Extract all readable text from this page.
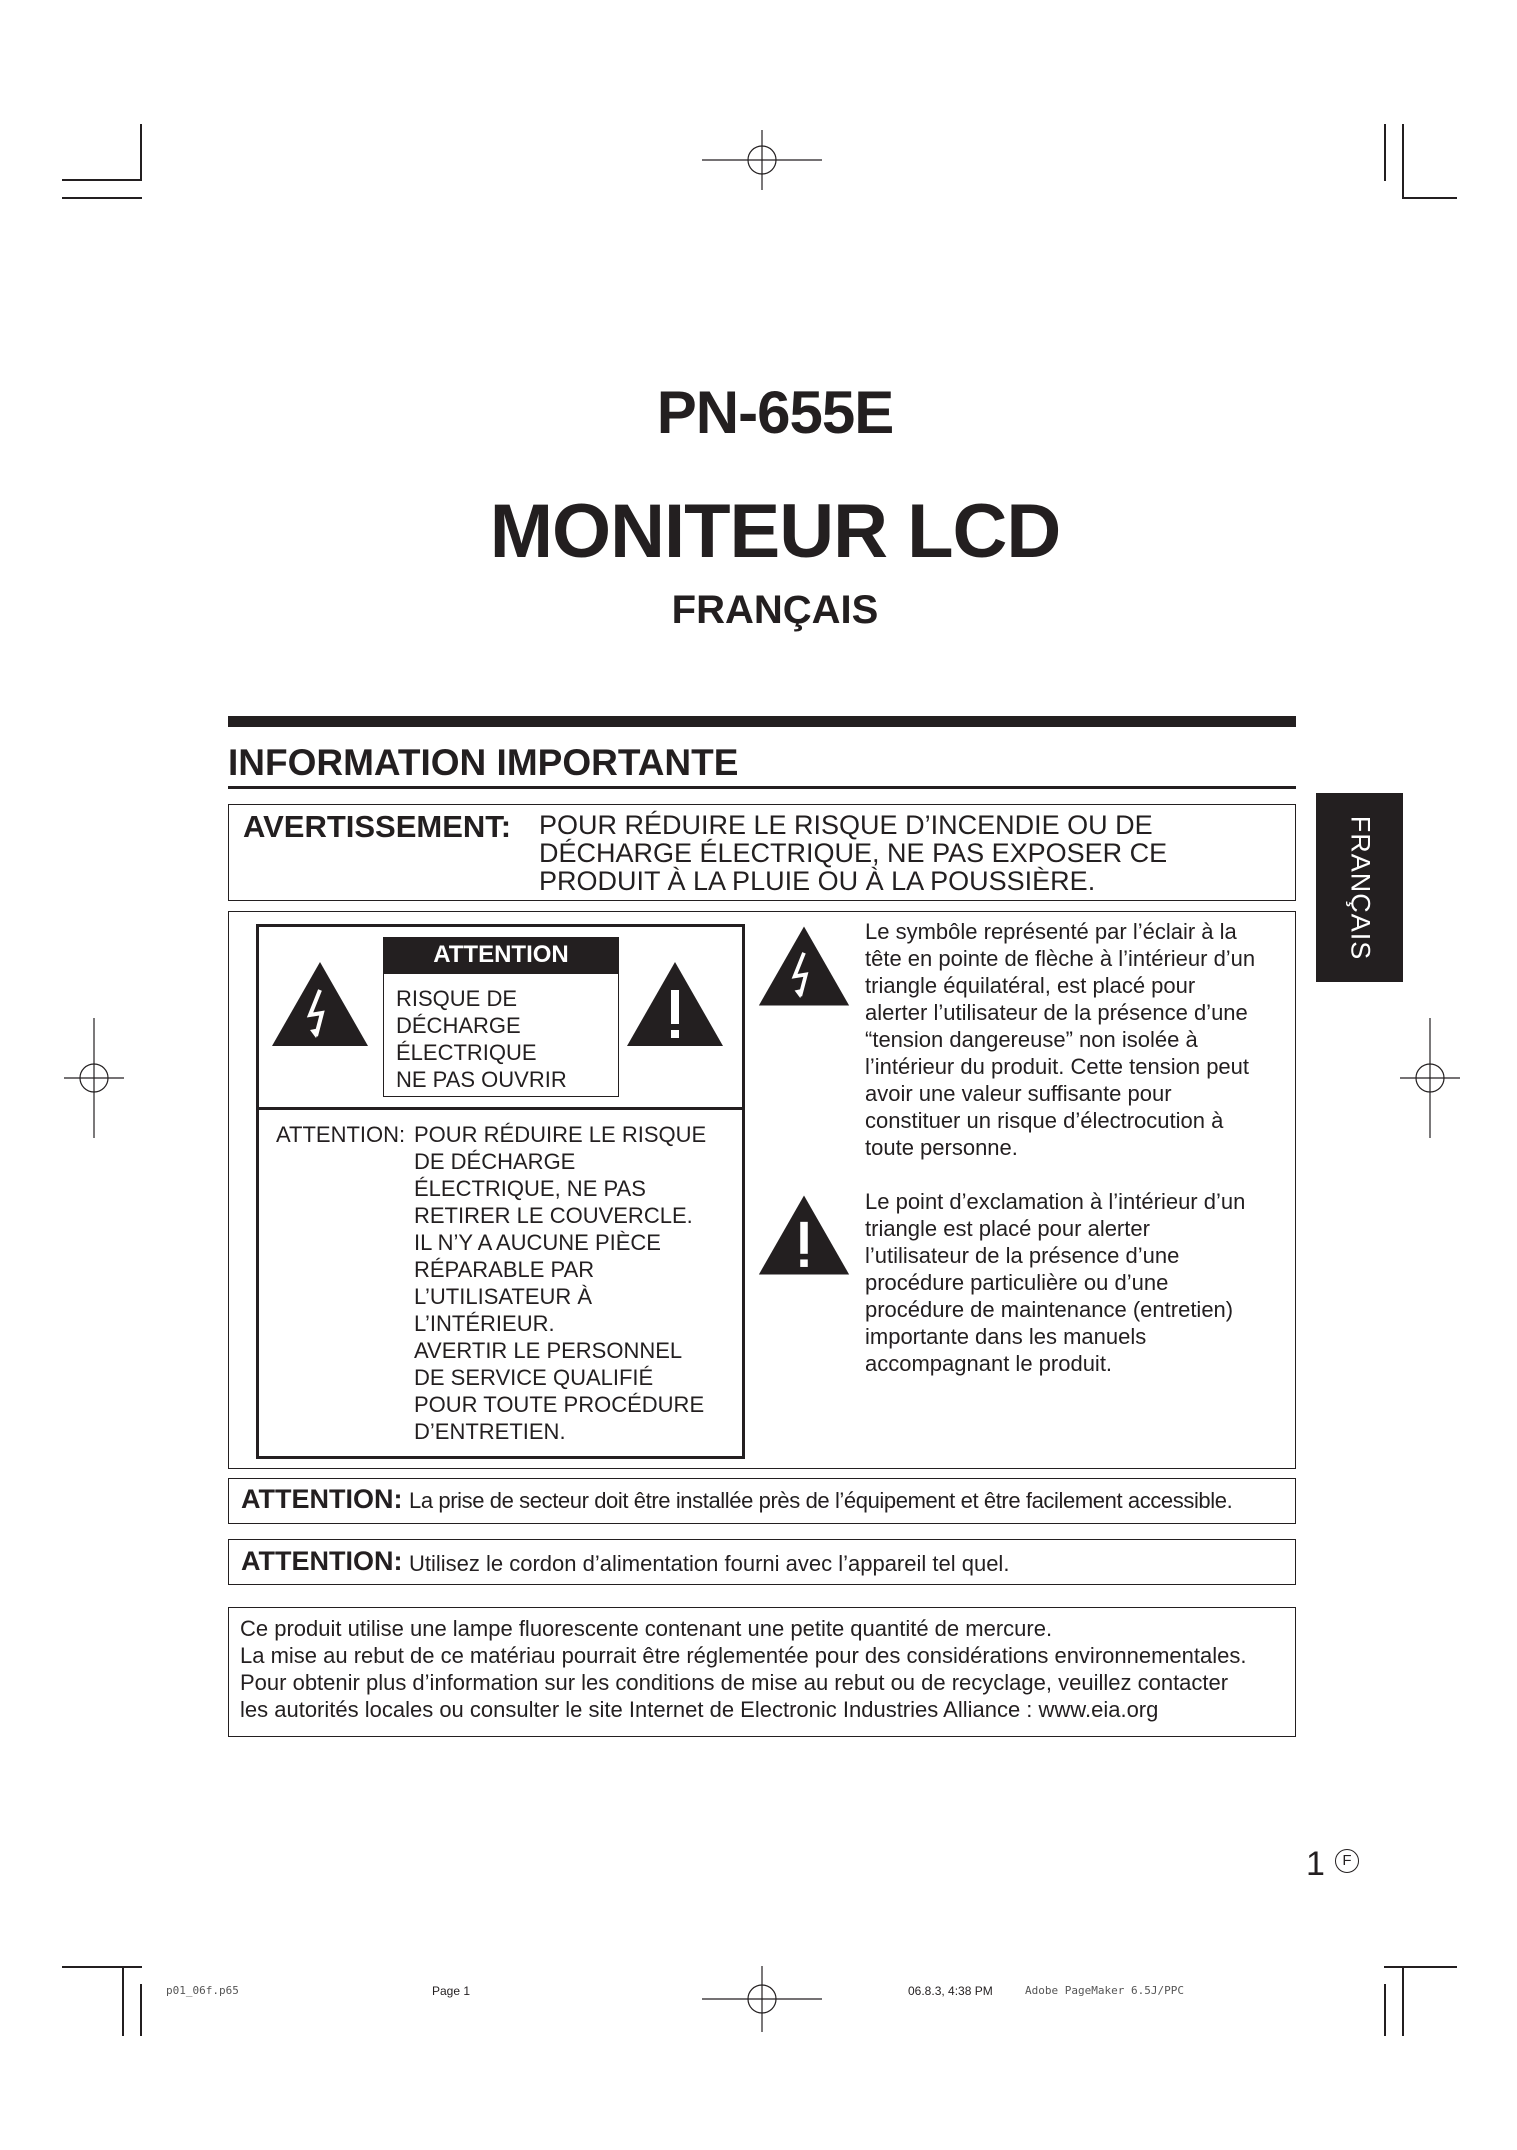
PN-655E
MONITEUR LCD
FRANÇAIS
INFORMATION IMPORTANTE
FRANÇAIS
AVERTISSEMENT: POUR RÉDUIRE LE RISQUE D’INCENDIE OU DE
DÉCHARGE ÉLECTRIQUE, NE PAS EXPOSER CE
PRODUIT À LA PLUIE OU À LA POUSSIÈRE.
ATTENTION
RISQUE DE
DÉCHARGE
ÉLECTRIQUE
NE PAS OUVRIR
ATTENTION: POUR RÉDUIRE LE RISQUE
DE DÉCHARGE
ÉLECTRIQUE, NE PAS
RETIRER LE COUVERCLE.
IL N’Y A AUCUNE PIÈCE
RÉPARABLE PAR
L’UTILISATEUR À
L’INTÉRIEUR.
AVERTIR LE PERSONNEL
DE SERVICE QUALIFIÉ
POUR TOUTE PROCÉDURE
D’ENTRETIEN.
Le symbôle représenté par l’éclair à la
tête en pointe de flèche à l’intérieur d’un
triangle équilatéral, est placé pour
alerter l’utilisateur de la présence d’une
“tension dangereuse” non isolée à
l’intérieur du produit. Cette tension peut
avoir une valeur suffisante pour
constituer un risque d’électrocution à
toute personne.
Le point d’exclamation à l’intérieur d’un
triangle est placé pour alerter
l’utilisateur de la présence d’une
procédure particulière ou d’une
procédure de maintenance (entretien)
importante dans les manuels
accompagnant le produit.
ATTENTION: La prise de secteur doit être installée près de l’équipement et être facilement accessible.
ATTENTION: Utilisez le cordon d’alimentation fourni avec l’appareil tel quel.
Ce produit utilise une lampe fluorescente contenant une petite quantité de mercure.
La mise au rebut de ce matériau pourrait être réglementée pour des considérations environnementales.
Pour obtenir plus d’information sur les conditions de mise au rebut ou de recyclage, veuillez contacter
les autorités locales ou consulter le site Internet de Electronic Industries Alliance : www.eia.org
1	F
p01_06f.p65	Page 1	06.8.3, 4:38 PM	Adobe PageMaker 6.5J/PPC
